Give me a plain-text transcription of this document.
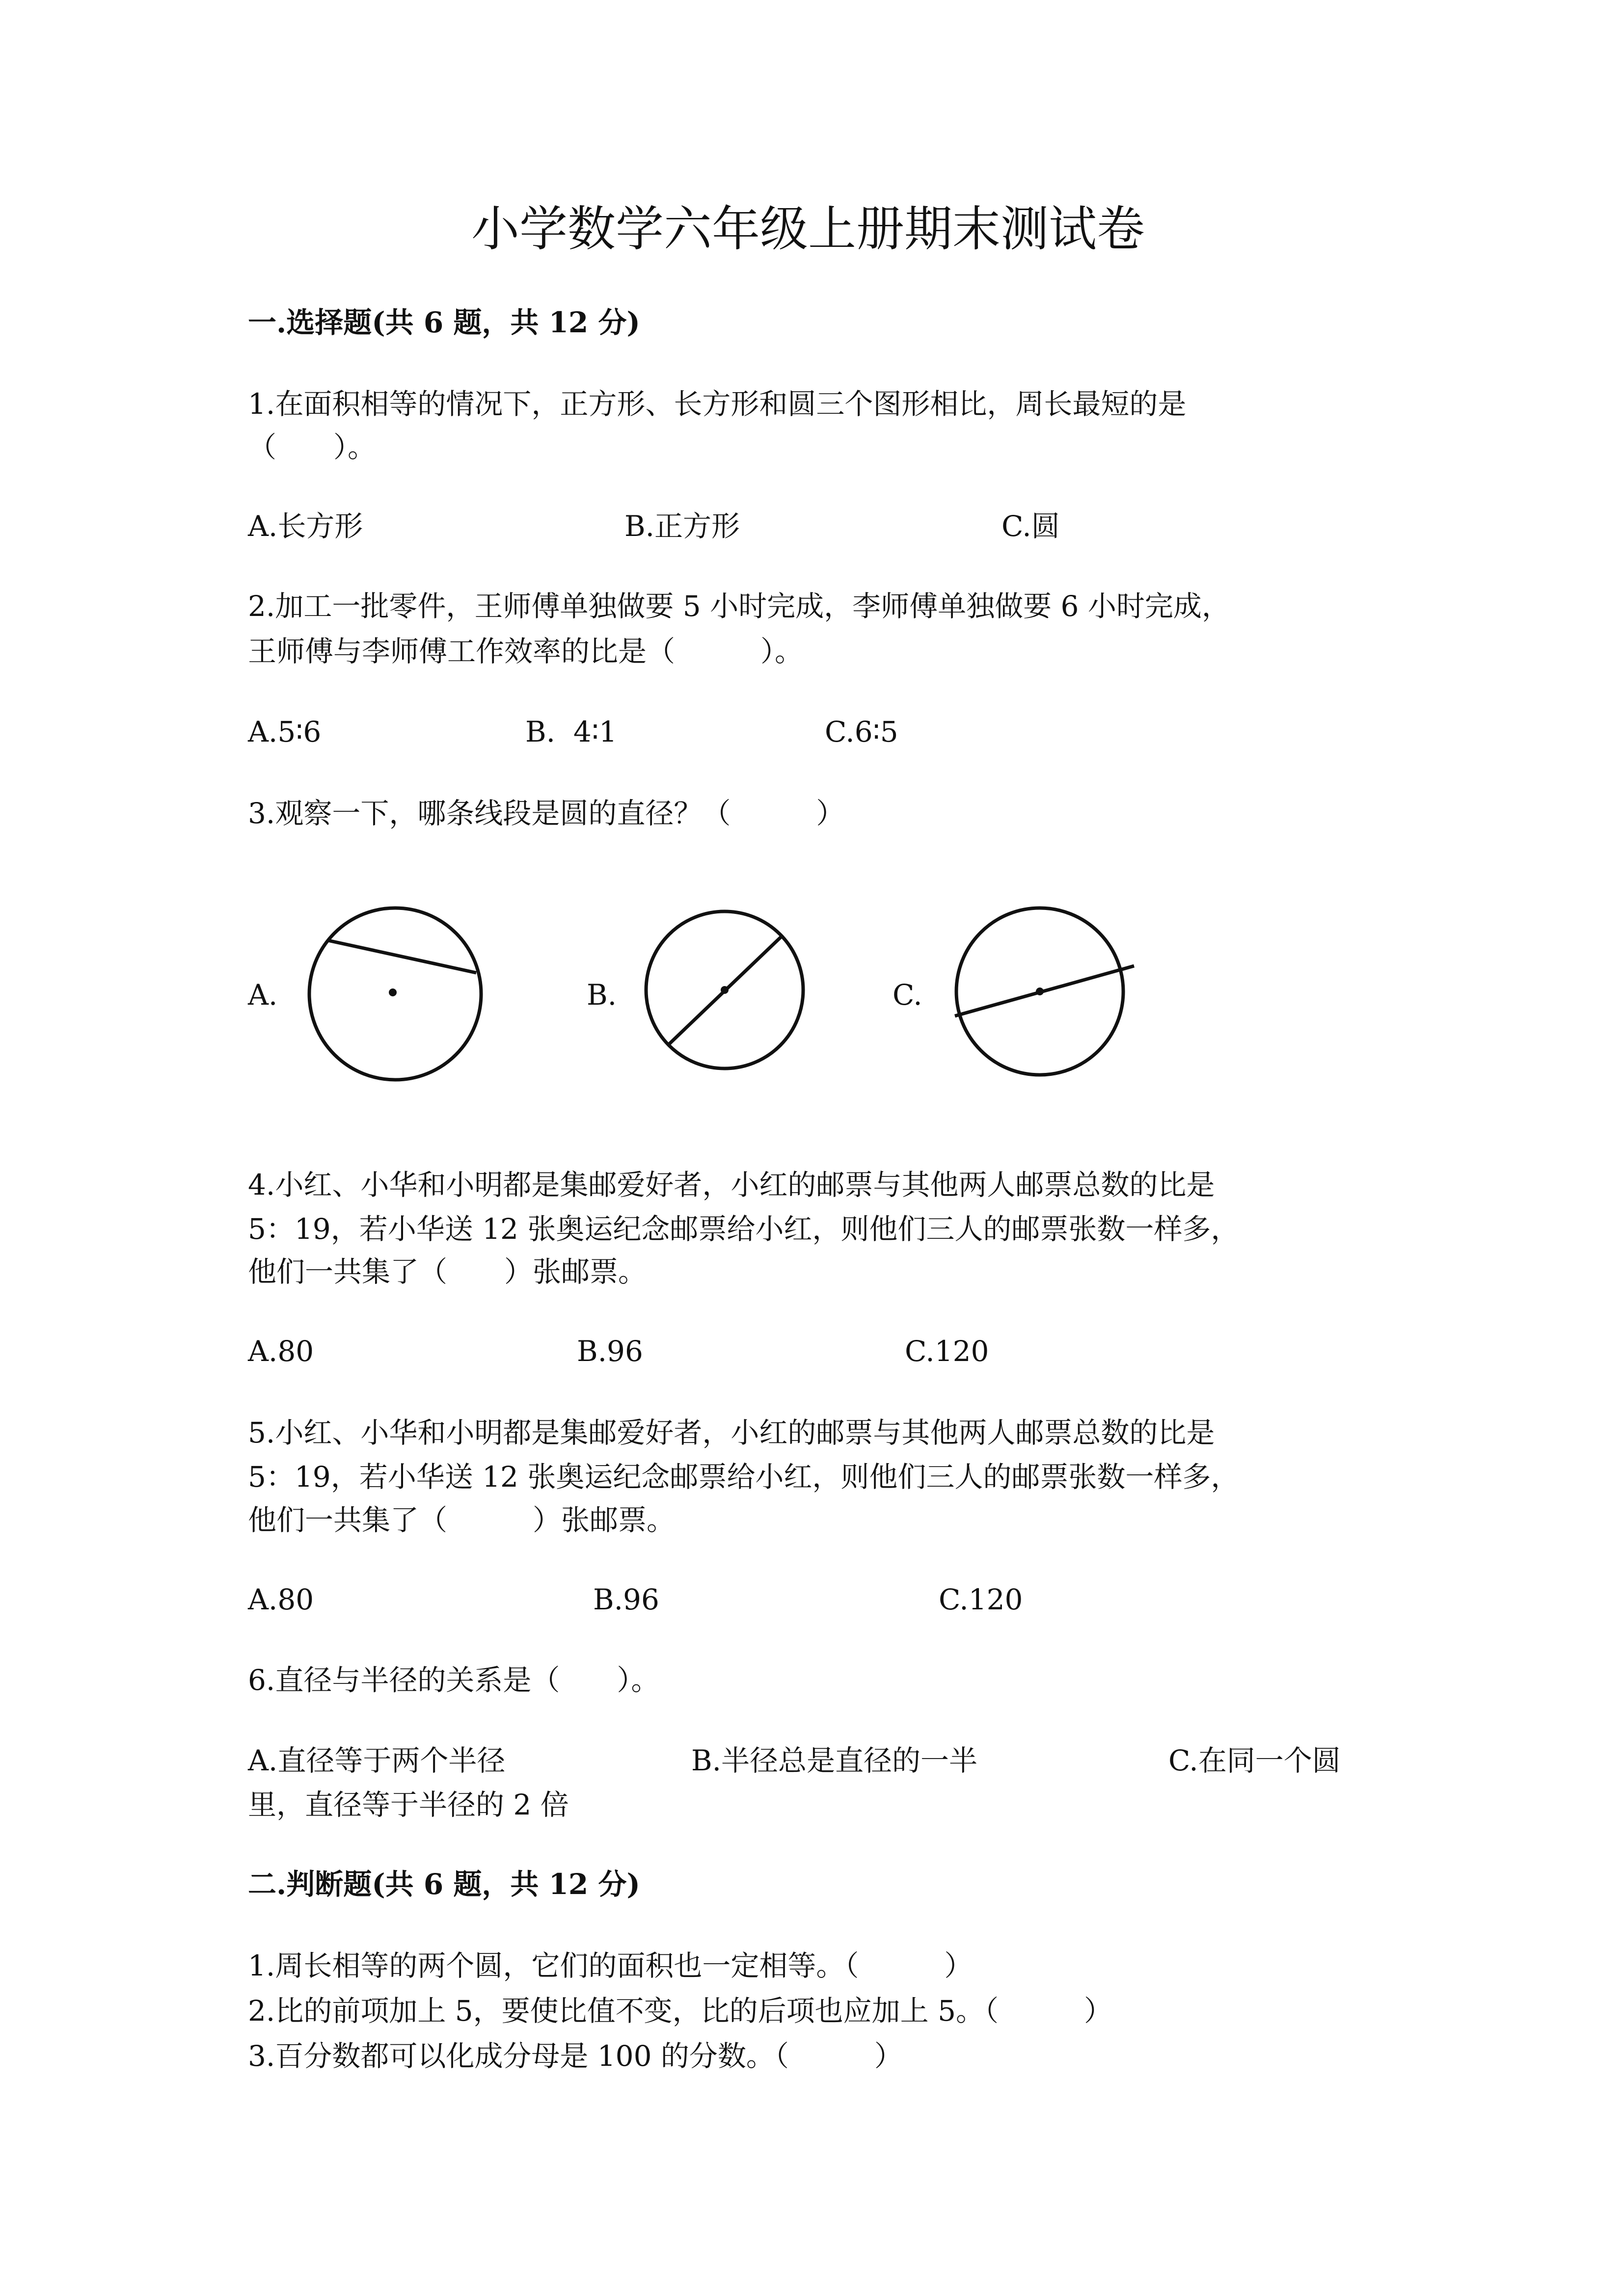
小学数学六年级上册期末测试卷
一.选择题(共 6 题，共 12 分)
1.在面积相等的情况下，正方形、长方形和圆三个图形相比，周长最短的是
（　　）。
A.长方形	B.正方形	C.圆
2.加工一批零件，王师傅单独做要 5 小时完成，李师傅单独做要 6 小时完成，
王师傅与李师傅工作效率的比是（　　　）。
A.5∶6	B.  4∶1	C.6∶5
3.观察一下，哪条线段是圆的直径？（　　　）
A.	B.	C.
4.小红、小华和小明都是集邮爱好者，小红的邮票与其他两人邮票总数的比是
5：19，若小华送 12 张奥运纪念邮票给小红，则他们三人的邮票张数一样多，
他们一共集了（　　）张邮票。
A.80	B.96	C.120
5.小红、小华和小明都是集邮爱好者，小红的邮票与其他两人邮票总数的比是
5：19，若小华送 12 张奥运纪念邮票给小红，则他们三人的邮票张数一样多，
他们一共集了（　　　）张邮票。
A.80	B.96	C.120
6.直径与半径的关系是（　　）。
A.直径等于两个半径	B.半径总是直径的一半	C.在同一个圆
里，直径等于半径的 2 倍
二.判断题(共 6 题，共 12 分)
1.周长相等的两个圆，它们的面积也一定相等。（　　　）
2.比的前项加上 5，要使比值不变，比的后项也应加上 5。（　　　）
3.百分数都可以化成分母是 100 的分数。（　　　）
